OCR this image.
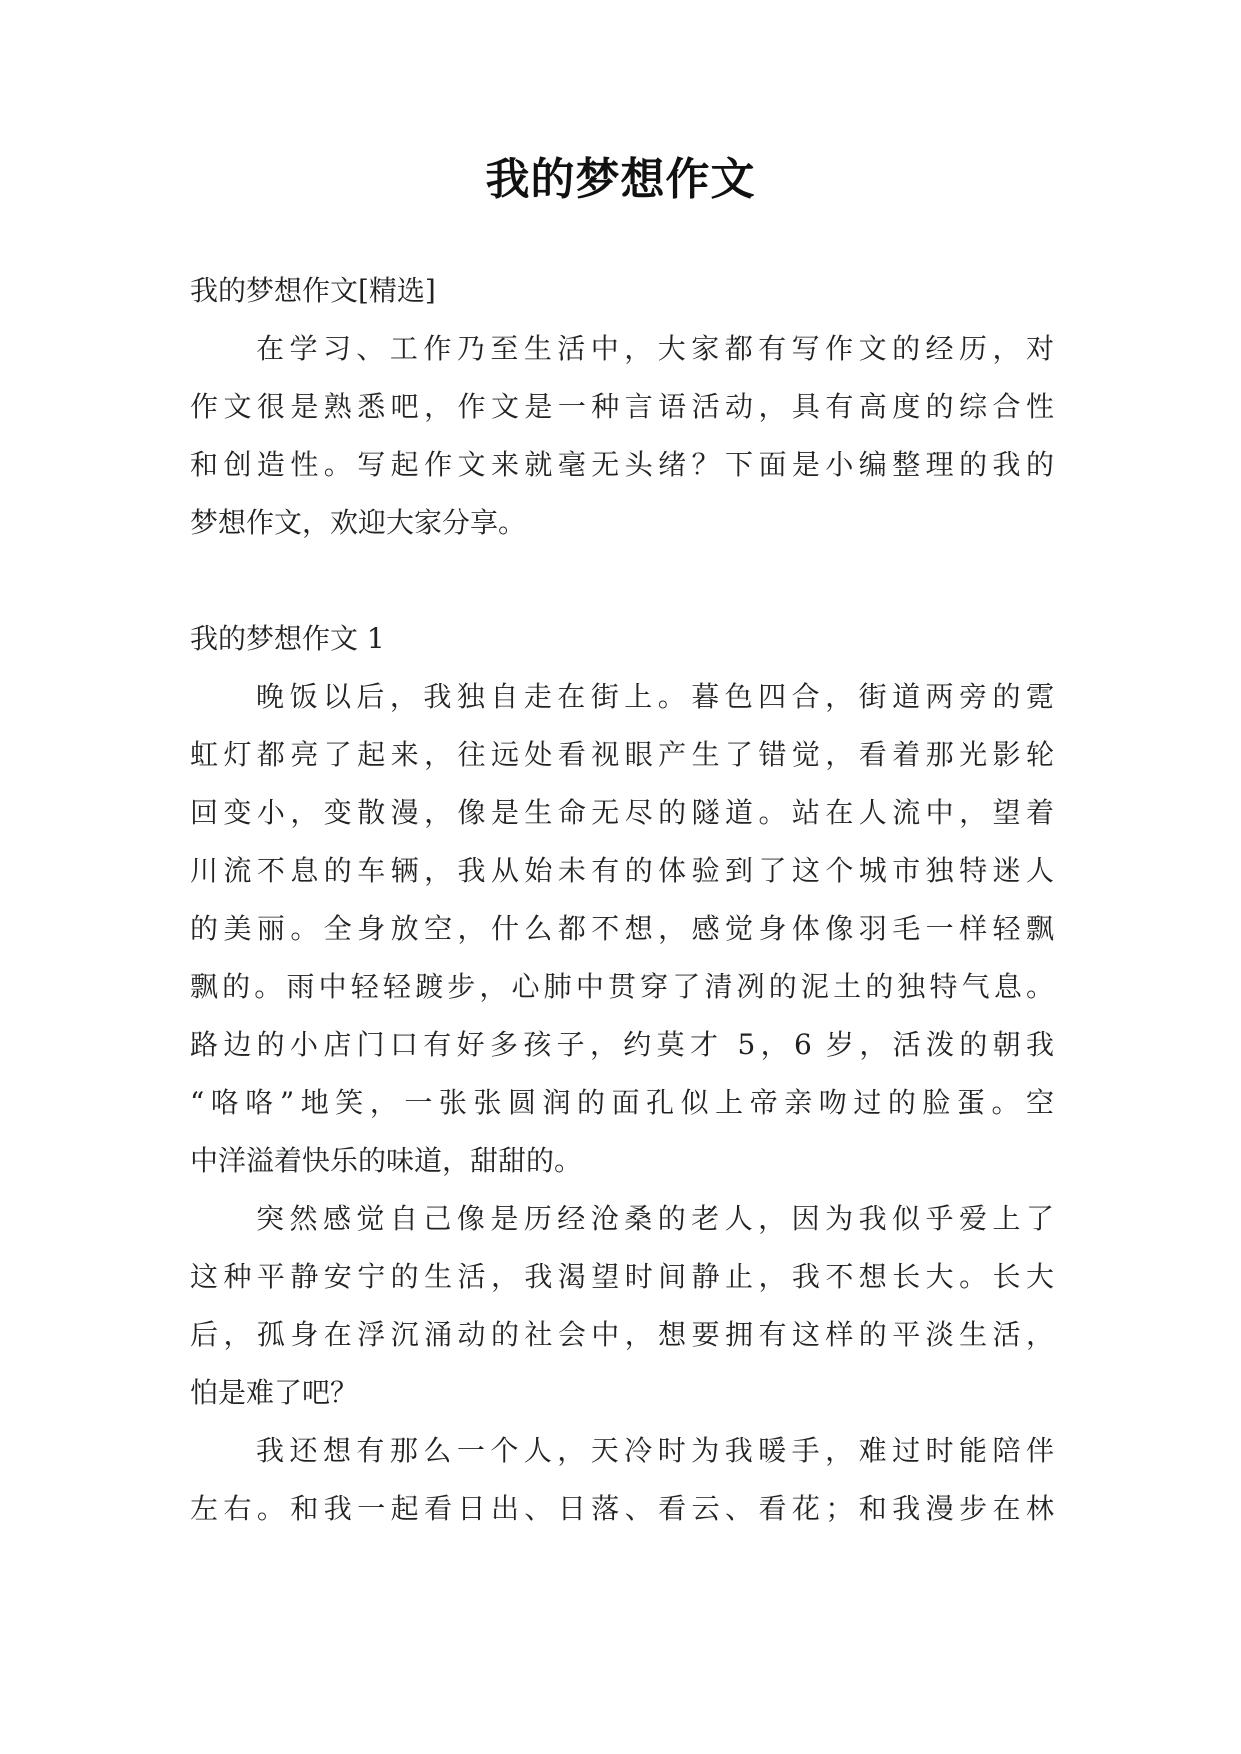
我的梦想作文
我的梦想作文[精选]
在学习、工作乃至生活中，大家都有写作文的经历，对
作文很是熟悉吧，作文是一种言语活动，具有高度的综合性
和创造性。写起作文来就毫无头绪？下面是小编整理的我的
梦想作文，欢迎大家分享。
我的梦想作文 1
晚饭以后，我独自走在街上。暮色四合，街道两旁的霓
虹灯都亮了起来，往远处看视眼产生了错觉，看着那光影轮
回变小，变散漫，像是生命无尽的隧道。站在人流中，望着
川流不息的车辆，我从始未有的体验到了这个城市独特迷人
的美丽。全身放空，什么都不想，感觉身体像羽毛一样轻飘
飘的。雨中轻轻踱步，心肺中贯穿了清冽的泥土的独特气息。
路边的小店门口有好多孩子，约莫才 5，6 岁，活泼的朝我
“咯咯”地笑，一张张圆润的面孔似上帝亲吻过的脸蛋。空
中洋溢着快乐的味道，甜甜的。
突然感觉自己像是历经沧桑的老人，因为我似乎爱上了
这种平静安宁的生活，我渴望时间静止，我不想长大。长大
后，孤身在浮沉涌动的社会中，想要拥有这样的平淡生活，
怕是难了吧？
我还想有那么一个人，天冷时为我暖手，难过时能陪伴
左右。和我一起看日出、日落、看云、看花；和我漫步在林
